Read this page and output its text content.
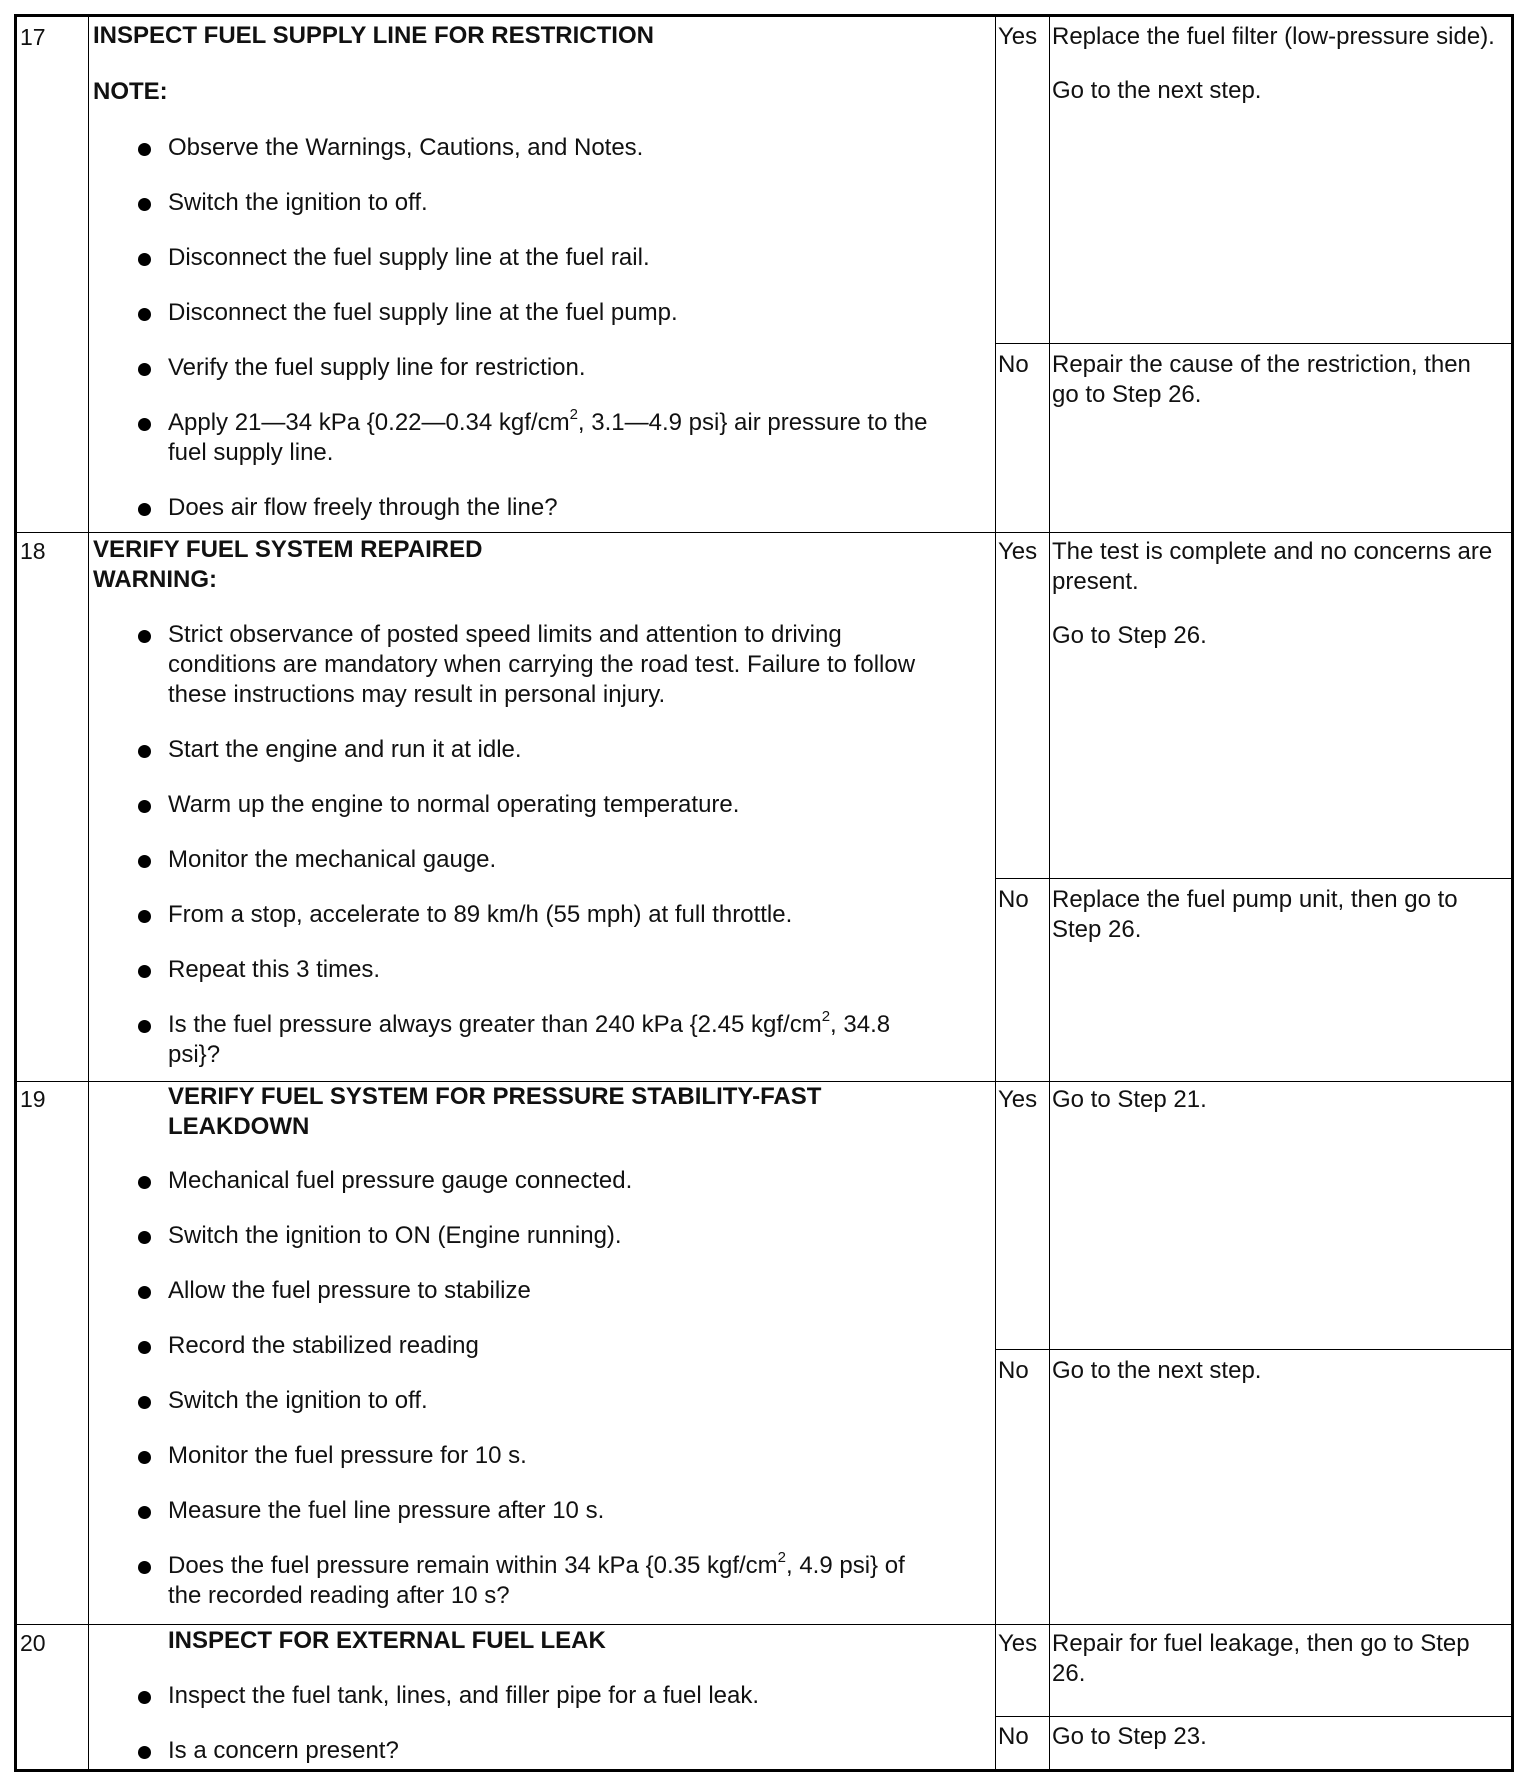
17 INSPECT FUEL SUPPLY LINE FOR RESTRICTION
NOTE:
Observe the Warnings, Cautions, and Notes.
Switch the ignition to off.
Disconnect the fuel supply line at the fuel rail.
Disconnect the fuel supply line at the fuel pump.
Verify the fuel supply line for restriction.
Apply 21—34 kPa {0.22—0.34 kgf/$cm^2$, 3.1—4.9 psi} air pressure to the fuel supply line.
Does air flow freely through the line?
Yes Replace the fuel filter (low-pressure side).

Go to the next step.

No Repair the cause of the restriction, then go to Step 26.

18 VERIFY FUEL SYSTEM REPAIRED
WARNING:
Strict observance of posted speed limits and attention to driving conditions are mandatory when carrying the road test. Failure to follow these instructions may result in personal injury.
Start the engine and run it at idle.
Warm up the engine to normal operating temperature.
Monitor the mechanical gauge.
From a stop, accelerate to 89 km/h (55 mph) at full throttle.
Repeat this 3 times.
Is the fuel pressure always greater than 240 kPa {2.45 kgf/$cm^2$, 34.8 psi}?
Yes The test is complete and no concerns are present.

Go to Step 26.

No Replace the fuel pump unit, then go to Step 26.

19	VERIFY FUEL SYSTEM FOR PRESSURE STABILITY-FAST LEAKDOWN
Mechanical fuel pressure gauge connected.
Switch the ignition to ON (Engine running).
Allow the fuel pressure to stabilize
Record the stabilized reading
Switch the ignition to off.
Monitor the fuel pressure for 10 s.
Measure the fuel line pressure after 10 s.
Does the fuel pressure remain within 34 kPa {0.35 kgf/$cm^2$, 4.9 psi} of the recorded reading after 10 s?
Yes Go to Step 21.

No Go to the next step.

20	INSPECT FOR EXTERNAL FUEL LEAK
Inspect the fuel tank, lines, and filler pipe for a fuel leak.
Is a concern present?
Yes Repair for fuel leakage, then go to Step 26.

No Go to Step 23.
